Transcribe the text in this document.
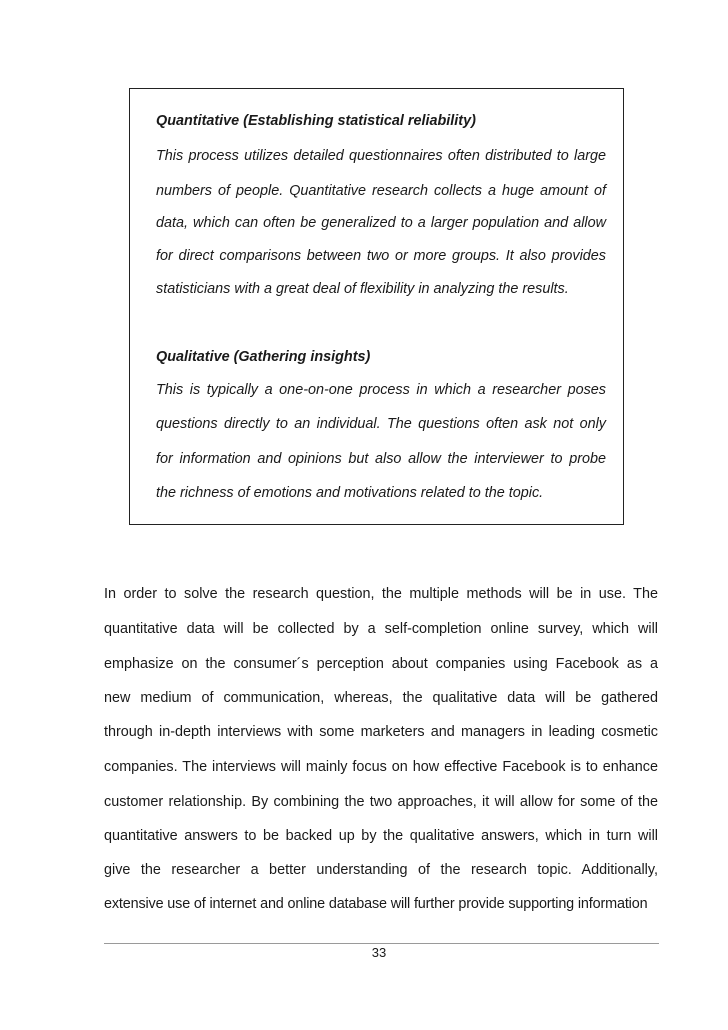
Quantitative (Establishing statistical reliability)

This process utilizes detailed questionnaires often distributed to large

numbers of people. Quantitative research collects a huge amount of

data, which can often be generalized to a larger population and allow

for direct comparisons between two or more groups. It also provides

statisticians with a great deal of flexibility in analyzing the results.

Qualitative (Gathering insights)

This is typically a one-on-one process in which a researcher poses

questions directly to an individual. The questions often ask not only

for information and opinions but also allow the interviewer to probe

the richness of emotions and motivations related to the topic.

In order to solve the research question, the multiple methods will be in use. The

quantitative data will be collected by a self-completion online survey, which will

emphasize on the consumer´s perception about companies using Facebook as a

new medium of communication, whereas, the qualitative data will be gathered

through in-depth interviews with some marketers and managers in leading cosmetic

companies. The interviews will mainly focus on how effective Facebook is to enhance

customer relationship. By combining the two approaches, it will allow for some of the

quantitative answers to be backed up by the qualitative answers, which in turn will

give the researcher a better understanding of the research topic. Additionally,

extensive use of internet and online database will further provide supporting information

33
